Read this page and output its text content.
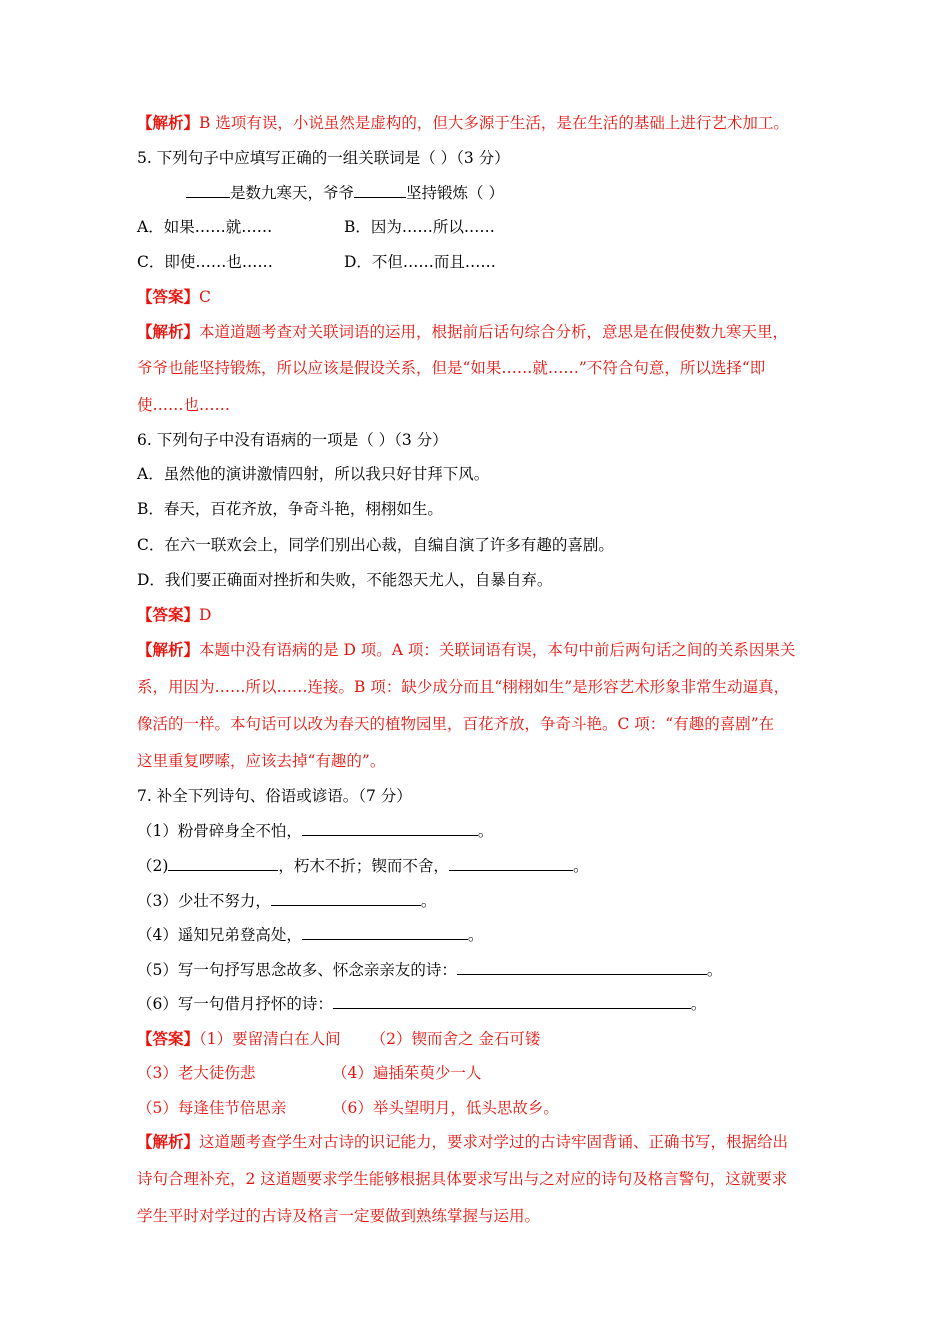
【解析】B 选项有误，小说虽然是虚构的，但大多源于生活，是在生活的基础上进行艺术加工。
5. 下列句子中应填写正确的一组关联词是（ ）（3 分）
是数九寒天，爷爷	坚持锻炼（ ）
A．如果……就……	B．因为……所以……
C．即使……也……	D．不但……而且……
【答案】C
【解析】本道道题考查对关联词语的运用，根据前后话句综合分析，意思是在假使数九寒天里，
爷爷也能坚持锻炼，所以应该是假设关系，但是“如果……就……”不符合句意，所以选择“即
使……也……
6. 下列句子中没有语病的一项是（ ）（3 分）
A．虽然他的演讲激情四射，所以我只好甘拜下风。
B．春天，百花齐放，争奇斗艳，栩栩如生。
C．在六一联欢会上，同学们别出心裁，自编自演了许多有趣的喜剧。
D．我们要正确面对挫折和失败，不能怨天尤人，自暴自弃。
【答案】D
【解析】本题中没有语病的是 D 项。A 项：关联词语有误，本句中前后两句话之间的关系因果关
系，用因为……所以……连接。B 项：缺少成分而且“栩栩如生”是形容艺术形象非常生动逼真，
像活的一样。本句话可以改为春天的植物园里，百花齐放，争奇斗艳。C 项：“有趣的喜剧”在
这里重复啰嗦，应该去掉“有趣的”。
7. 补全下列诗句、俗语或谚语。（7 分）
（1）粉骨碎身全不怕，	。
（2)	，朽木不折；锲而不舍，	。
（3）少壮不努力，	。
（4）遥知兄弟登高处，	。
（5）写一句抒写思念故多、怀念亲亲友的诗：	。
（6）写一句借月抒怀的诗：	。
【答案】（1）要留清白在人间 （2）锲而舍之 金石可镂
（3）老大徒伤悲	（4）遍插茱萸少一人
（5）每逢佳节倍思亲	（6）举头望明月，低头思故乡。
【解析】这道题考查学生对古诗的识记能力，要求对学过的古诗牢固背诵、正确书写，根据给出
诗句合理补充，2 这道题要求学生能够根据具体要求写出与之对应的诗句及格言警句，这就要求
学生平时对学过的古诗及格言一定要做到熟练掌握与运用。
